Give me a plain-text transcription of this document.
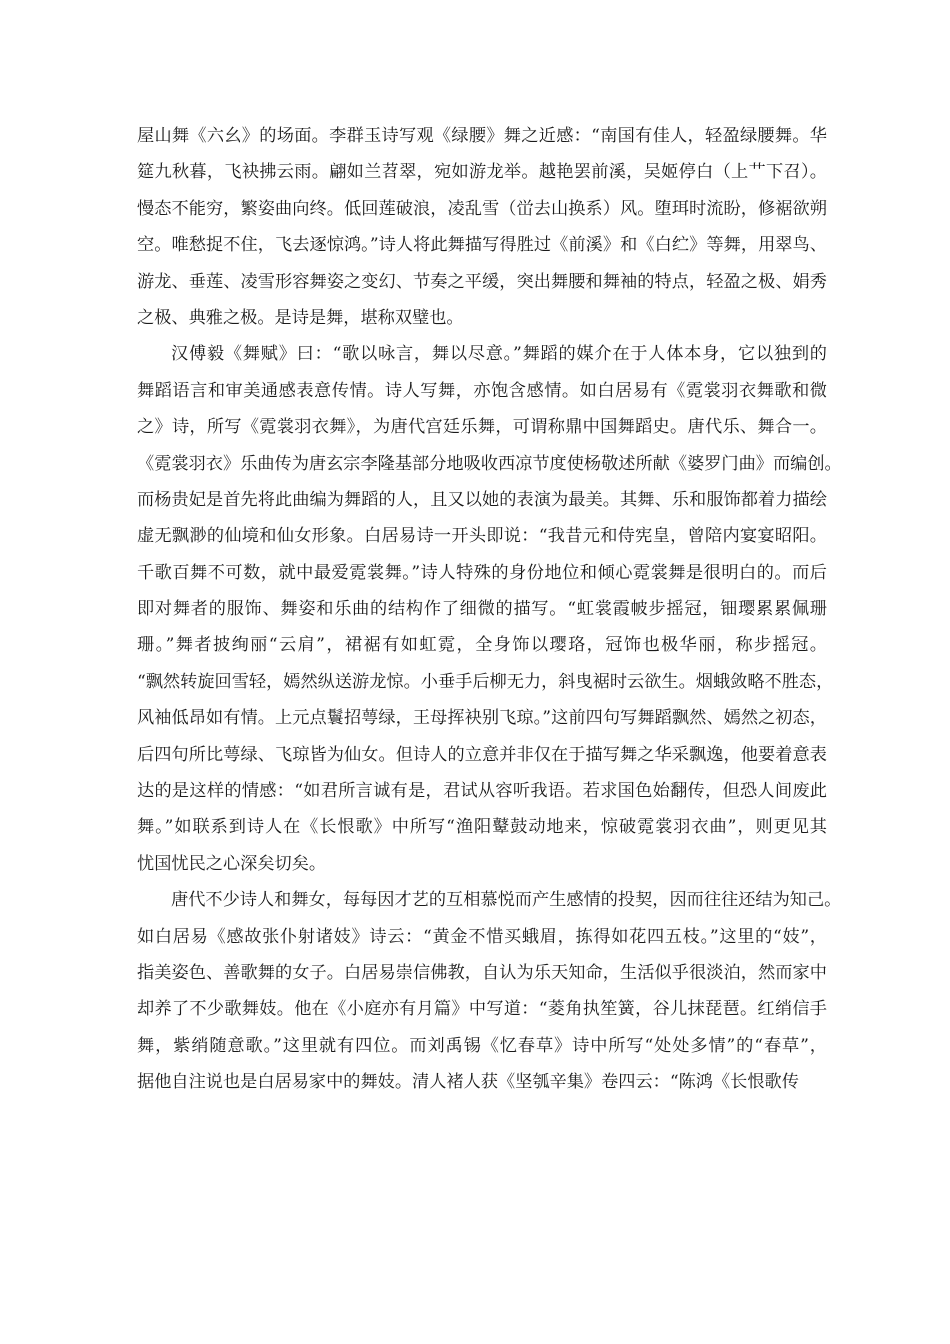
屋山舞《六幺》的场面。李群玉诗写观《绿腰》舞之近感：“南国有佳人，轻盈绿腰舞。华
筵九秋暮，飞袂拂云雨。翩如兰苕翠，宛如游龙举。越艳罢前溪，吴姬停白（上艹下召）。
慢态不能穷，繁姿曲向终。低回莲破浪，凌乱雪（峃去山换系）风。堕珥时流盼，修裾欲朔
空。唯愁捉不住，飞去逐惊鸿。”诗人将此舞描写得胜过《前溪》和《白纻》等舞，用翠鸟、
游龙、垂莲、凌雪形容舞姿之变幻、节奏之平缓，突出舞腰和舞袖的特点，轻盈之极、娟秀
之极、典雅之极。是诗是舞，堪称双璧也。
汉傅毅《舞赋》曰：“歌以咏言，舞以尽意。”舞蹈的媒介在于人体本身，它以独到的
舞蹈语言和审美通感表意传情。诗人写舞，亦饱含感情。如白居易有《霓裳羽衣舞歌和微
之》诗，所写《霓裳羽衣舞》，为唐代宫廷乐舞，可谓称鼎中国舞蹈史。唐代乐、舞合一。
《霓裳羽衣》乐曲传为唐玄宗李隆基部分地吸收西凉节度使杨敬述所献《婆罗门曲》而编创。
而杨贵妃是首先将此曲编为舞蹈的人，且又以她的表演为最美。其舞、乐和服饰都着力描绘
虚无飘渺的仙境和仙女形象。白居易诗一开头即说：“我昔元和侍宪皇，曾陪内宴宴昭阳。
千歌百舞不可数，就中最爱霓裳舞。”诗人特殊的身份地位和倾心霓裳舞是很明白的。而后
即对舞者的服饰、舞姿和乐曲的结构作了细微的描写。“虹裳霞帔步摇冠，钿璎累累佩珊
珊。”舞者披绚丽“云肩”，裙裾有如虹霓，全身饰以璎珞，冠饰也极华丽，称步摇冠。
“飘然转旋回雪轻，嫣然纵送游龙惊。小垂手后柳无力，斜曳裾时云欲生。烟蛾敛略不胜态，
风袖低昂如有情。上元点鬟招萼绿，王母挥袂别飞琼。”这前四句写舞蹈飘然、嫣然之初态，
后四句所比萼绿、飞琼皆为仙女。但诗人的立意并非仅在于描写舞之华采飘逸，他要着意表
达的是这样的情感：“如君所言诚有是，君试从容听我语。若求国色始翻传，但恐人间废此
舞。”如联系到诗人在《长恨歌》中所写“渔阳鼙鼓动地来，惊破霓裳羽衣曲”，则更见其
忧国忧民之心深矣切矣。
唐代不少诗人和舞女，每每因才艺的互相慕悦而产生感情的投契，因而往往还结为知己。
如白居易《感故张仆射诸妓》诗云：“黄金不惜买蛾眉，拣得如花四五枝。”这里的“妓”，
指美姿色、善歌舞的女子。白居易崇信佛教，自认为乐天知命，生活似乎很淡泊，然而家中
却养了不少歌舞妓。他在《小庭亦有月篇》中写道：“菱角执笙簧，谷儿抹琵琶。红绡信手
舞，紫绡随意歌。”这里就有四位。而刘禹锡《忆春草》诗中所写“处处多情”的“春草”，
据他自注说也是白居易家中的舞妓。清人褚人获《坚瓠辛集》卷四云：“陈鸿《长恨歌传
